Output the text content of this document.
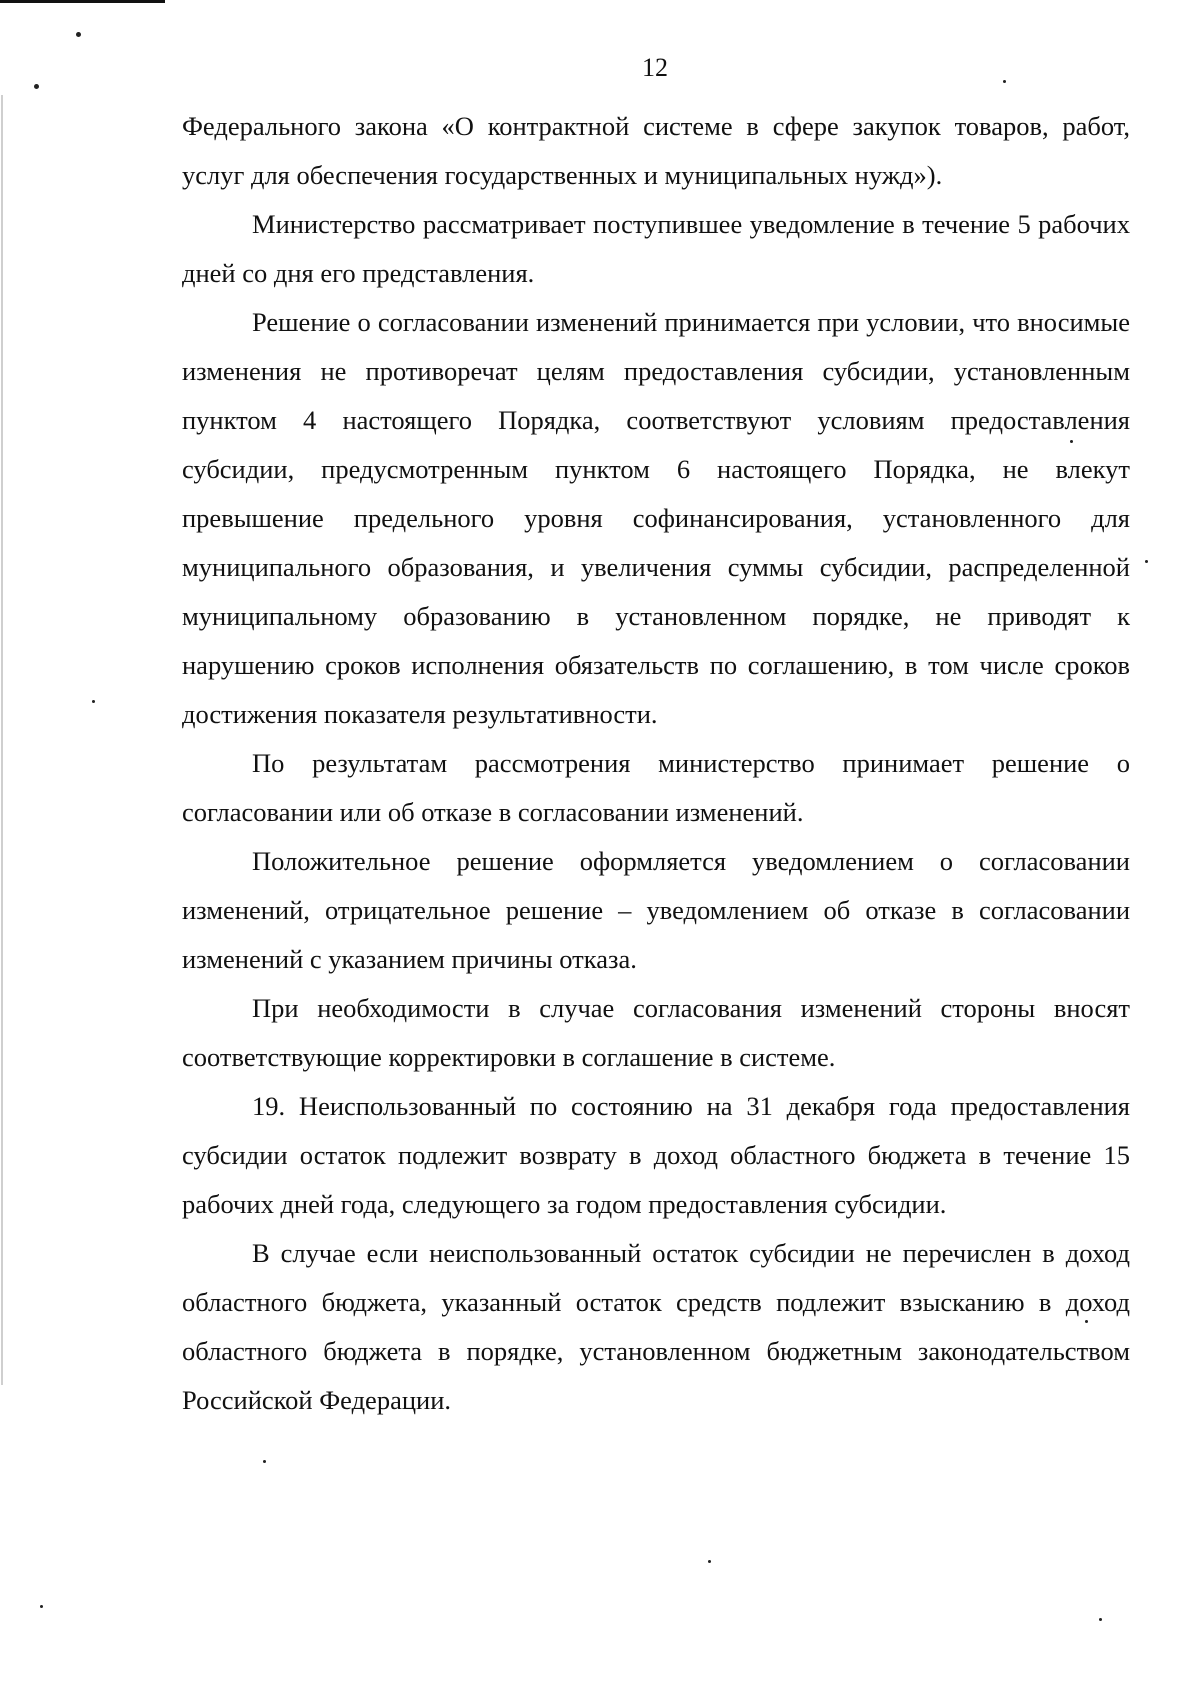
12

Федерального закона «О контрактной системе в сфере закупок товаров, работ, услуг для обеспечения государственных и муниципальных нужд»).

Министерство рассматривает поступившее уведомление в течение 5 рабочих дней со дня его представления.

Решение о согласовании изменений принимается при условии, что вносимые изменения не противоречат целям предоставления субсидии, установленным пунктом 4 настоящего Порядка, соответствуют условиям предоставления субсидии, предусмотренным пунктом 6 настоящего Порядка, не влекут превышение предельного уровня софинансирования, установленного для муниципального образования, и увеличения суммы субсидии, распределенной муниципальному образованию в установленном порядке, не приводят к нарушению сроков исполнения обязательств по соглашению, в том числе сроков достижения показателя результативности.

По результатам рассмотрения министерство принимает решение о согласовании или об отказе в согласовании изменений.

Положительное решение оформляется уведомлением о согласовании изменений, отрицательное решение – уведомлением об отказе в согласовании изменений с указанием причины отказа.

При необходимости в случае согласования изменений стороны вносят соответствующие корректировки в соглашение в системе.

19. Неиспользованный по состоянию на 31 декабря года предоставления субсидии остаток подлежит возврату в доход областного бюджета в течение 15 рабочих дней года, следующего за годом предоставления субсидии.

В случае если неиспользованный остаток субсидии не перечислен в доход областного бюджета, указанный остаток средств подлежит взысканию в доход областного бюджета в порядке, установленном бюджетным законодательством Российской Федерации.
